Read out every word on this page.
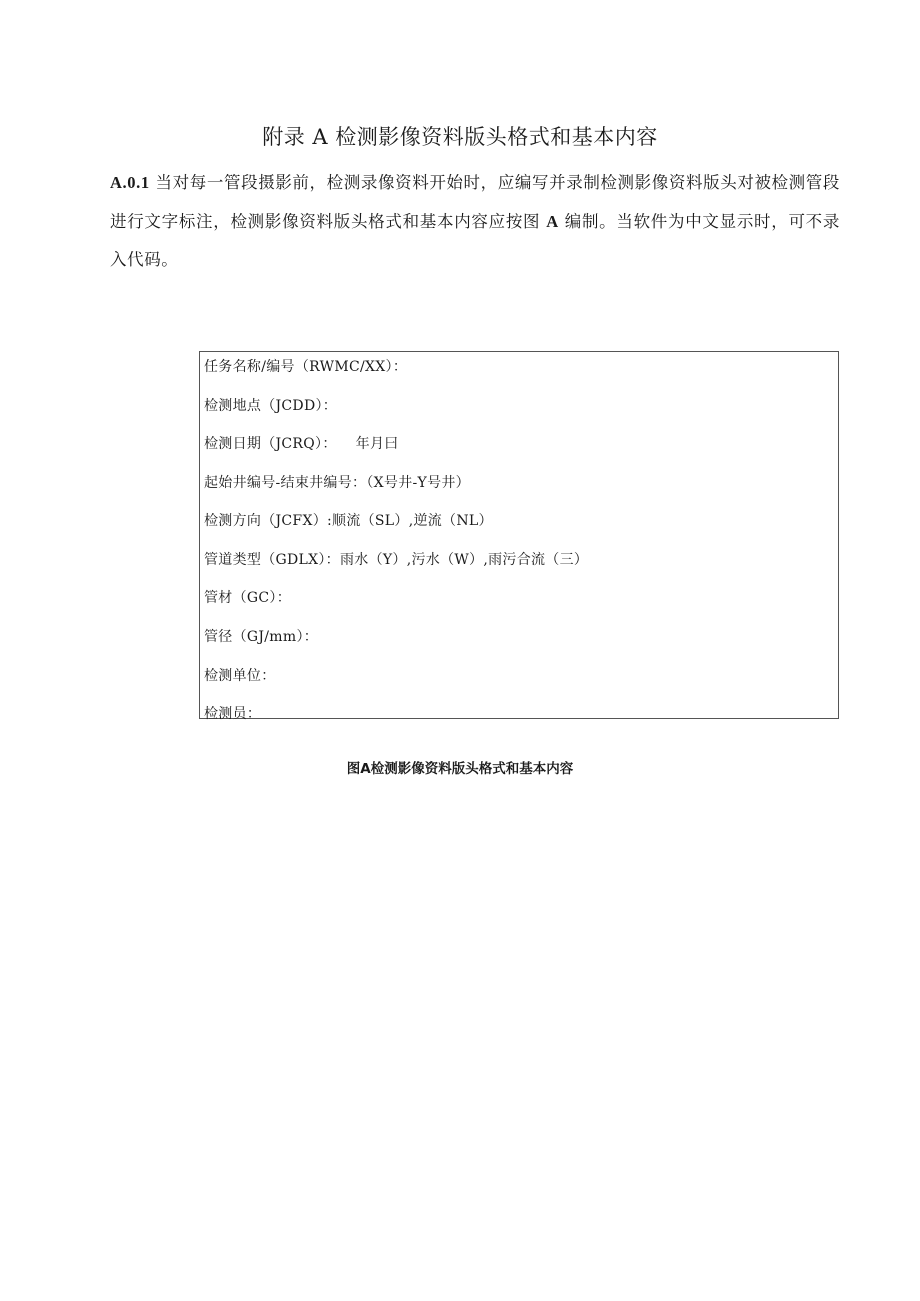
附录 A 检测影像资料版头格式和基本内容
A.0.1 当对每一管段摄影前，检测录像资料开始时，应编写并录制检测影像资料版头对被检测管段进行文字标注，检测影像资料版头格式和基本内容应按图 A 编制。当软件为中文显示时，可不录入代码。
任务名称/编号（RWMC/XX）：
检测地点（JCDD）：
检测日期（JCRQ）：    年月曰
起始井编号-结束井编号：（X号井-Y号井）
检测方向（JCFX）:顺流（SL）,逆流（NL）
管道类型（GDLX）：雨水（Y）,污水（W）,雨污合流（三）
管材（GC）：
管径（GJ/mm）：
检测单位：
检测员：
图A检测影像资料版头格式和基本内容
